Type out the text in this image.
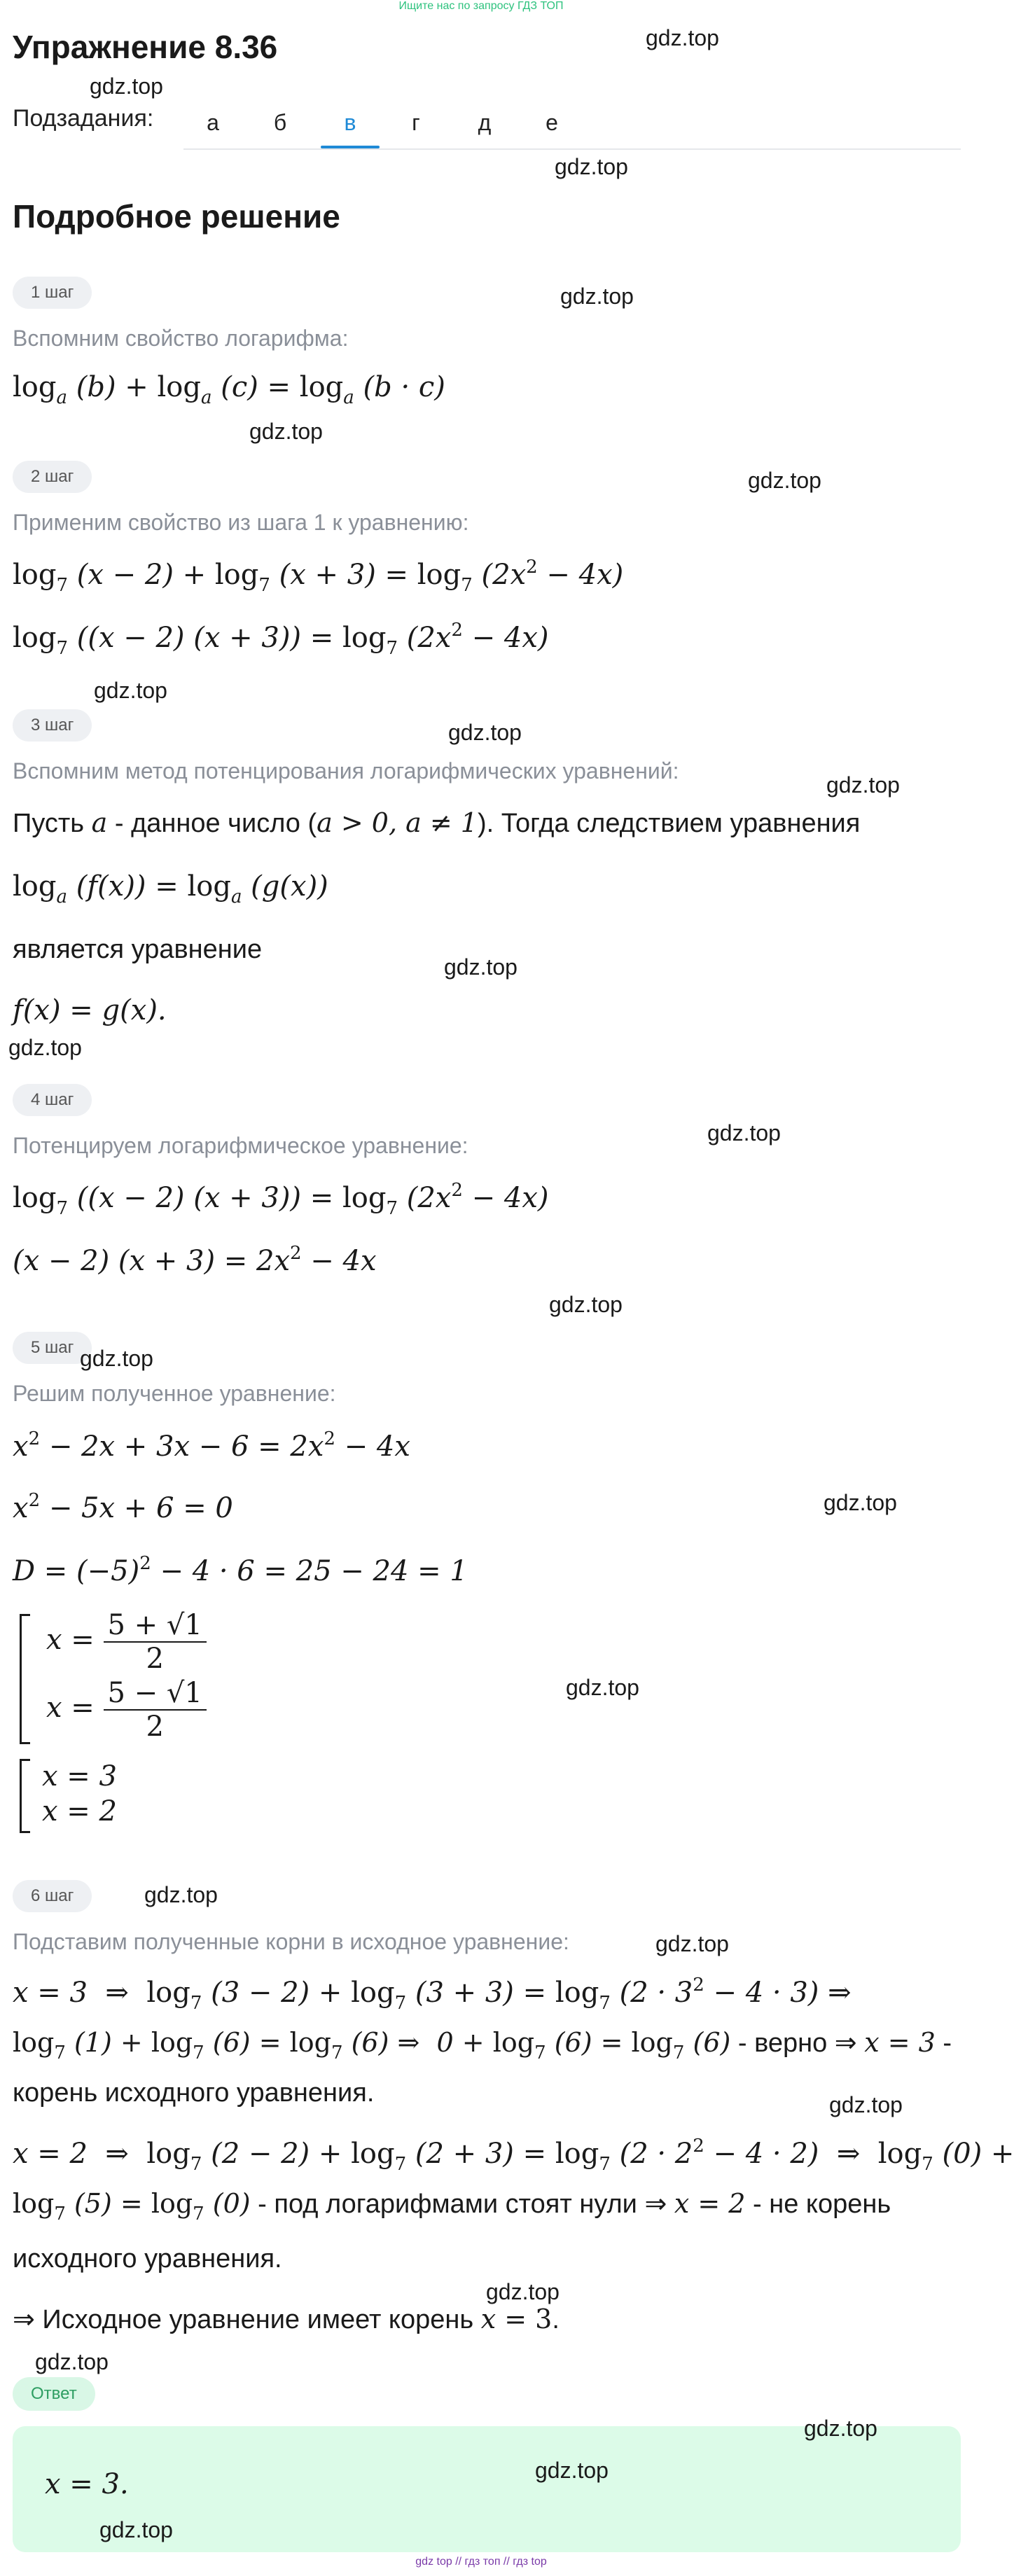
Ищите нас по запросу ГДЗ ТОП
Упражнение 8.36
Подзадания:	а	б	в	г	д	е
Подробное решение
1 шаг
Вспомним свойство логарифма:
$\log_a (b) + \log_a (c) = \log_a (b \cdot c)$
2 шаг
Применим свойство из шага 1 к уравнению:
$\log_7 (x - 2) + \log_7 (x + 3) = \log_7 (2x^2 - 4x)$
$\log_7 ((x - 2) (x + 3)) = \log_7 (2x^2 - 4x)$
3 шаг
Вспомним метод потенцирования логарифмических уравнений:
Пусть a - данное число (a > 0, a ≠ 1). Тогда следствием уравнения
$\log_a (f(x)) = \log_a (g(x))$
является уравнение
f(x) = g(x).
4 шаг
Потенцируем логарифмическое уравнение:
$\log_7 ((x - 2) (x + 3)) = \log_7 (2x^2 - 4x)$
(x − 2) $(x + 3) = 2x^2 - 4x$
5 шаг
Решим полученное уравнение:
$x^2 - 2x + 3x - 6 = 2x^2 - 4x$
$x^2 - 5x + 6 = 0$
$D = (-5)^2 - 4 \cdot 6 = 25 - 24 = 1$
$x = \frac{5 + √1}{2}$
$x = \frac{5 - √1}{2}$
x = 3
x = 2
6 шаг
Подставим полученные корни в исходное уравнение:
x = 3  ⇒  $\log_7 (3 - 2) + \log_7 (3 + 3) = \log_7 (2 \cdot 3^2 - 4 \cdot 3)$ ⇒
$\log_7 (1) + \log_7 (6) = \log_7 (6)$ ⇒  $0 + \log_7 (6) = \log_7 (6)$ - верно ⇒ x = 3 -
корень исходного уравнения.
x = 2  ⇒  $\log_7 (2 - 2) + \log_7 (2 + 3) = \log_7 (2 \cdot 2^2 - 4 \cdot 2)$  ⇒  $\log_7 (0)$ +
$\log_7 (5) = \log_7 (0)$ - под логарифмами стоят нули ⇒ x = 2 - не корень
исходного уравнения.
⇒ Исходное уравнение имеет корень x = 3.
Ответ
x = 3.
gdz.top
gdz.top
gdz.top
gdz.top
gdz.top
gdz.top
gdz.top
gdz.top
gdz.top
gdz.top
gdz.top
gdz.top
gdz.top
gdz.top
gdz.top
gdz.top
gdz.top
gdz.top
gdz.top
gdz.top
gdz.top
gdz.top
gdz.top
gdz.top
gdz top // гдз топ // гдз top
